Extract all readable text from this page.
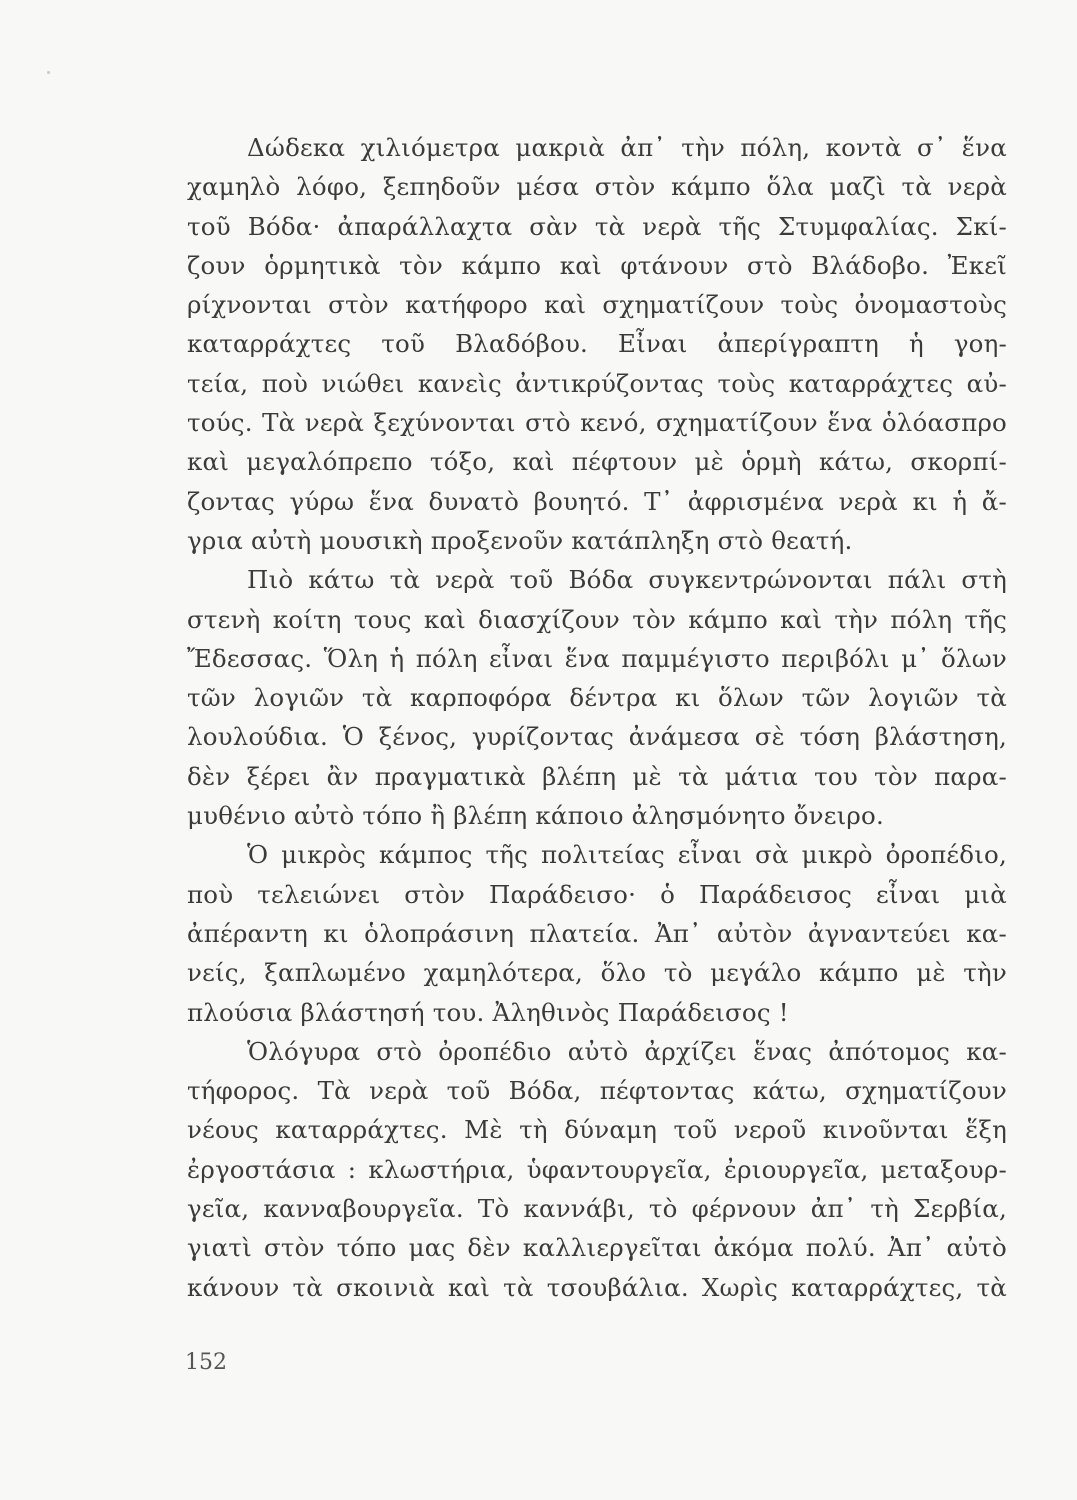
Δώδεκα χιλιόμετρα μακριὰ ἀπ᾽ τὴν πόλη, κοντὰ σ᾽ ἕνα
χαμηλὸ λόφο, ξεπηδοῦν μέσα στὸν κάμπο ὅλα μαζὶ τὰ νερὰ
τοῦ Βόδα· ἀπαράλλαχτα σὰν τὰ νερὰ τῆς Στυμφαλίας. Σκί-
ζουν ὁρμητικὰ τὸν κάμπο καὶ φτάνουν στὸ Βλάδοβο. Ἐκεῖ
ρίχνονται στὸν κατήφορο καὶ σχηματίζουν τοὺς ὀνομαστοὺς
καταρράχτες τοῦ Βλαδόβου. Εἶναι ἀπερίγραπτη ἡ γοη-
τεία, ποὺ νιώθει κανεὶς ἀντικρύζοντας τοὺς καταρράχτες αὐ-
τούς. Τὰ νερὰ ξεχύνονται στὸ κενό, σχηματίζουν ἕνα ὁλόασπρο
καὶ μεγαλόπρεπο τόξο, καὶ πέφτουν μὲ ὁρμὴ κάτω, σκορπί-
ζοντας γύρω ἕνα δυνατὸ βουητό. Τ᾽ ἀφρισμένα νερὰ κι ἡ ἄ-
γρια αὐτὴ μουσικὴ προξενοῦν κατάπληξη στὸ θεατή.
Πιὸ κάτω τὰ νερὰ τοῦ Βόδα συγκεντρώνονται πάλι στὴ
στενὴ κοίτη τους καὶ διασχίζουν τὸν κάμπο καὶ τὴν πόλη τῆς
Ἔδεσσας. Ὅλη ἡ πόλη εἶναι ἕνα παμμέγιστο περιβόλι μ᾽ ὅλων
τῶν λογιῶν τὰ καρποφόρα δέντρα κι ὅλων τῶν λογιῶν τὰ
λουλούδια. Ὁ ξένος, γυρίζοντας ἀνάμεσα σὲ τόση βλάστηση,
δὲν ξέρει ἂν πραγματικὰ βλέπη μὲ τὰ μάτια του τὸν παρα-
μυθένιο αὐτὸ τόπο ἢ βλέπη κάποιο ἀλησμόνητο ὄνειρο.
Ὁ μικρὸς κάμπος τῆς πολιτείας εἶναι σὰ μικρὸ ὀροπέδιο,
ποὺ τελειώνει στὸν Παράδεισο· ὁ Παράδεισος εἶναι μιὰ
ἀπέραντη κι ὁλοπράσινη πλατεία. Ἀπ᾽ αὐτὸν ἀγναντεύει κα-
νείς, ξαπλωμένο χαμηλότερα, ὅλο τὸ μεγάλο κάμπο μὲ τὴν
πλούσια βλάστησή του. Ἀληθινὸς Παράδεισος !
Ὁλόγυρα στὸ ὀροπέδιο αὐτὸ ἀρχίζει ἕνας ἀπότομος κα-
τήφορος. Τὰ νερὰ τοῦ Βόδα, πέφτοντας κάτω, σχηματίζουν
νέους καταρράχτες. Μὲ τὴ δύναμη τοῦ νεροῦ κινοῦνται ἕξη
ἐργοστάσια : κλωστήρια, ὑφαντουργεῖα, ἐριουργεῖα, μεταξουρ-
γεῖα, κανναβουργεῖα. Τὸ καννάβι, τὸ φέρνουν ἀπ᾽ τὴ Σερβία,
γιατὶ στὸν τόπο μας δὲν καλλιεργεῖται ἀκόμα πολύ. Ἀπ᾽ αὐτὸ
κάνουν τὰ σκοινιὰ καὶ τὰ τσουβάλια. Χωρὶς καταρράχτες, τὰ
152
